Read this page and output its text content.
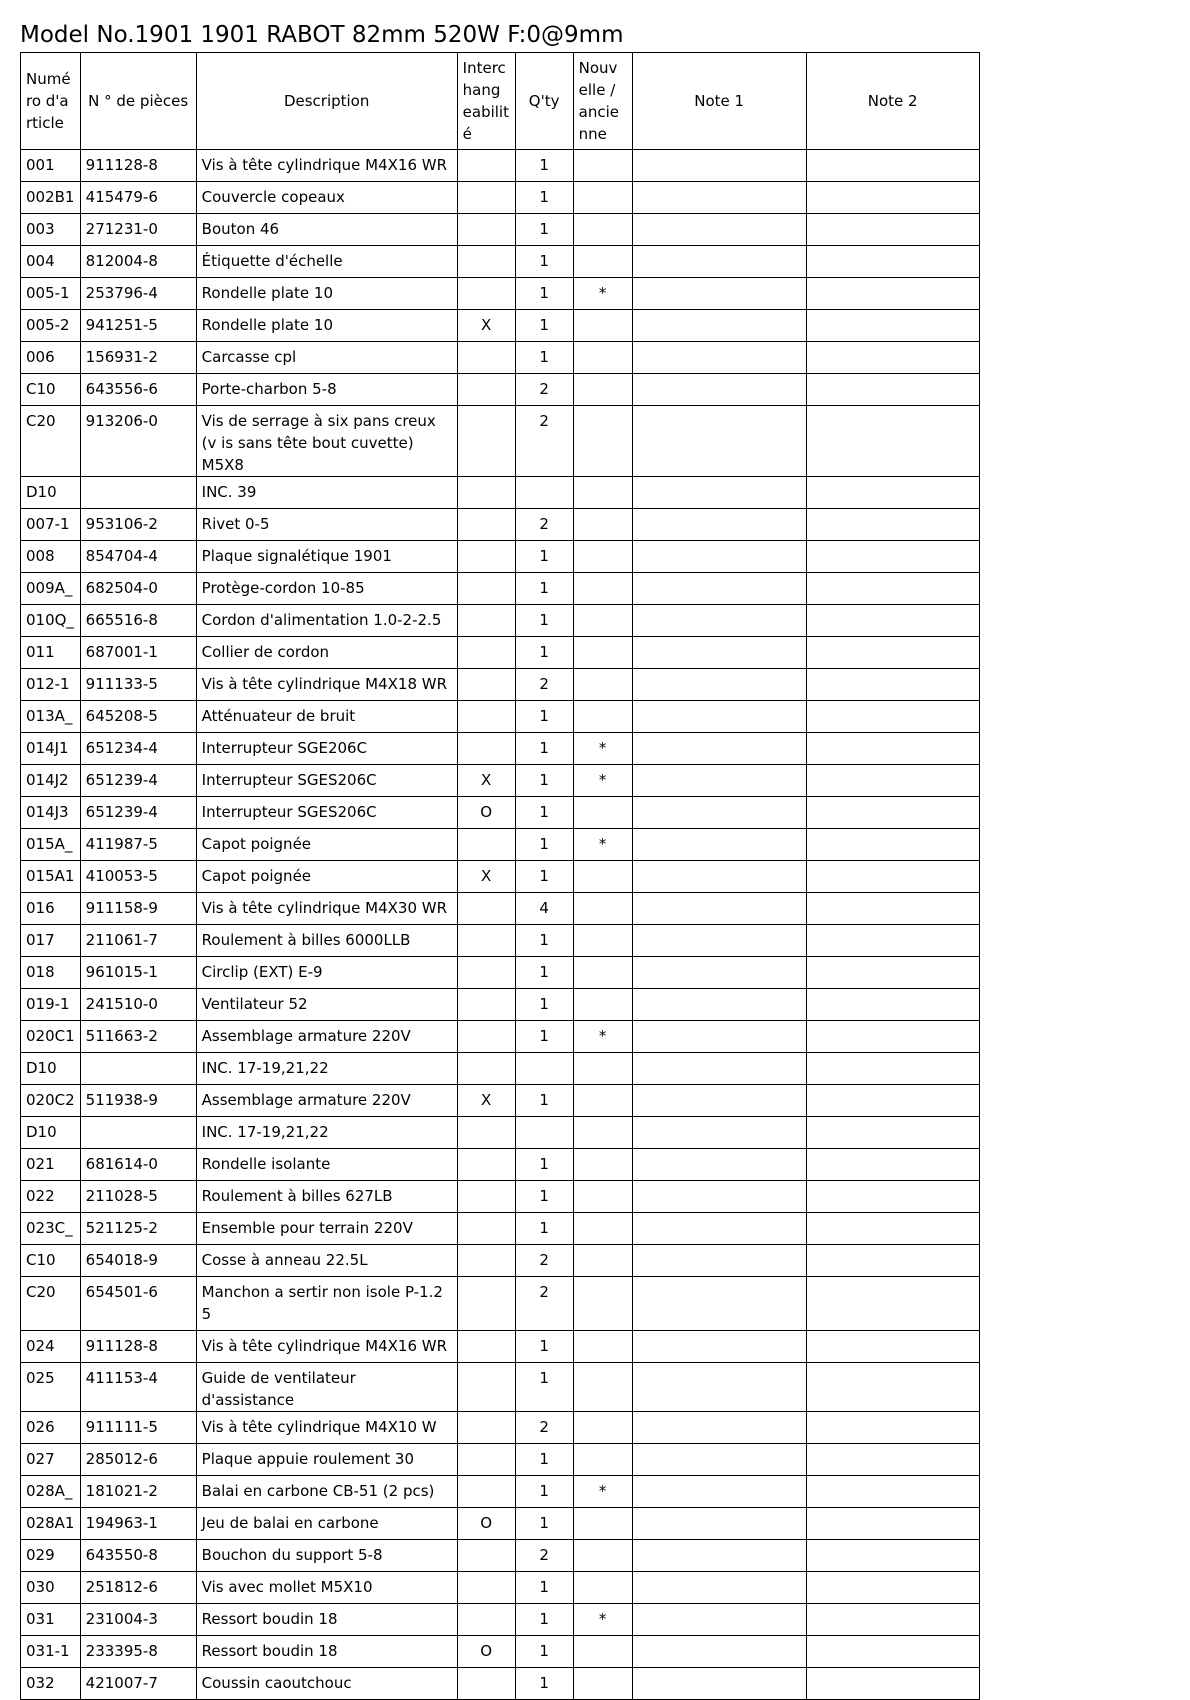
Model No.1901 1901 RABOT 82mm 520W F:0@9mm
Numé ro d'a rticle	N ° de pièces	Description	Interc hang eabilit é	Q'ty	Nouv elle / ancie nne	Note 1	Note 2
001	911128-8	Vis à tête cylindrique M4X16 WR		1			
002B1	415479-6	Couvercle copeaux		1			
003	271231-0	Bouton 46		1			
004	812004-8	Étiquette d'échelle		1			
005-1	253796-4	Rondelle plate 10		1	*		
005-2	941251-5	Rondelle plate 10	X	1			
006	156931-2	Carcasse cpl		1			
C10	643556-6	Porte-charbon 5-8		2			
C20	913206-0	Vis de serrage à six pans creux (v is sans tête bout cuvette) M5X8		2			
D10		INC. 39					
007-1	953106-2	Rivet 0-5		2			
008	854704-4	Plaque signalétique 1901		1			
009A_	682504-0	Protège-cordon 10-85		1			
010Q_	665516-8	Cordon d'alimentation 1.0-2-2.5		1			
011	687001-1	Collier de cordon		1			
012-1	911133-5	Vis à tête cylindrique M4X18 WR		2			
013A_	645208-5	Atténuateur de bruit		1			
014J1	651234-4	Interrupteur SGE206C		1	*		
014J2	651239-4	Interrupteur SGES206C	X	1	*		
014J3	651239-4	Interrupteur SGES206C	O	1			
015A_	411987-5	Capot poignée		1	*		
015A1	410053-5	Capot poignée	X	1			
016	911158-9	Vis à tête cylindrique M4X30 WR		4			
017	211061-7	Roulement à billes 6000LLB		1			
018	961015-1	Circlip (EXT) E-9		1			
019-1	241510-0	Ventilateur 52		1			
020C1	511663-2	Assemblage armature 220V		1	*		
D10		INC. 17-19,21,22					
020C2	511938-9	Assemblage armature 220V	X	1			
D10		INC. 17-19,21,22					
021	681614-0	Rondelle isolante		1			
022	211028-5	Roulement à billes 627LB		1			
023C_	521125-2	Ensemble pour terrain 220V		1			
C10	654018-9	Cosse à anneau 22.5L		2			
C20	654501-6	Manchon a sertir non isole P-1.2 5		2			
024	911128-8	Vis à tête cylindrique M4X16 WR		1			
025	411153-4	Guide de ventilateur d'assistance		1			
026	911111-5	Vis à tête cylindrique M4X10 W		2			
027	285012-6	Plaque appuie roulement 30		1			
028A_	181021-2	Balai en carbone CB-51 (2 pcs)		1	*		
028A1	194963-1	Jeu de balai en carbone	O	1			
029	643550-8	Bouchon du support 5-8		2			
030	251812-6	Vis avec mollet M5X10		1			
031	231004-3	Ressort boudin 18		1	*		
031-1	233395-8	Ressort boudin 18	O	1			
032	421007-7	Coussin caoutchouc		1			
